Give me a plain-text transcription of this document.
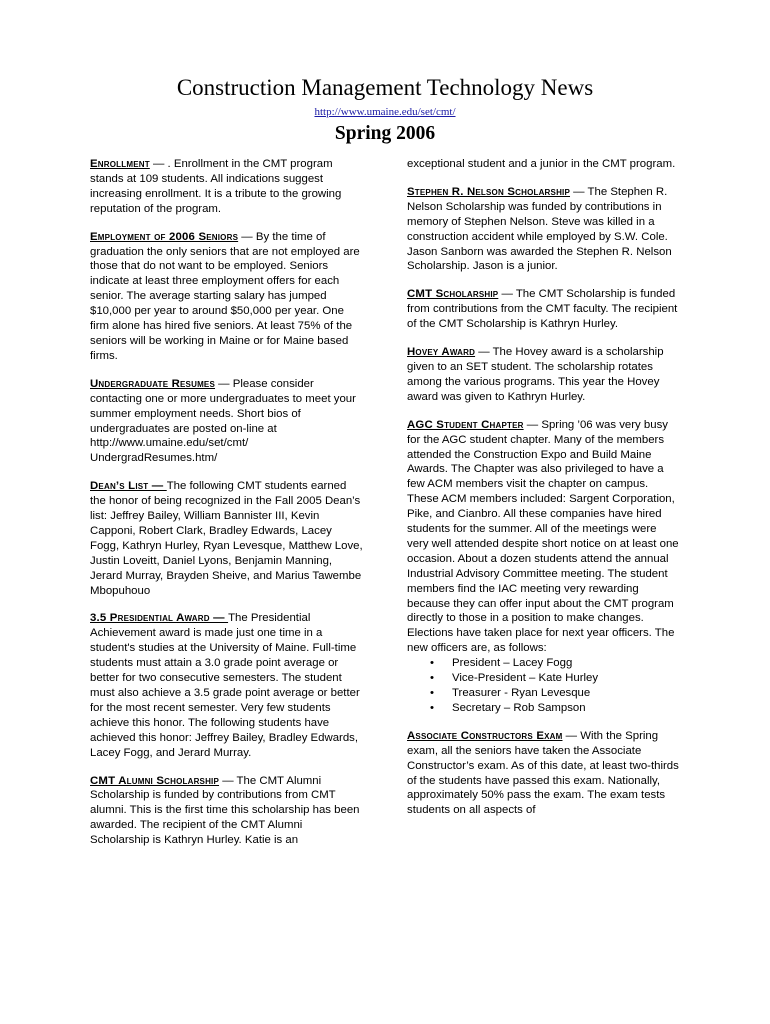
Construction Management Technology News
http://www.umaine.edu/set/cmt/
Spring 2006

Enrollment — . Enrollment in the CMT program stands at 109 students. All indications suggest increasing enrollment. It is a tribute to the growing reputation of the program.

Employment of 2006 Seniors — By the time of graduation the only seniors that are not employed are those that do not want to be employed. Seniors indicate at least three employment offers for each senior. The average starting salary has jumped $10,000 per year to around $50,000 per year. One firm alone has hired five seniors. At least 75% of the seniors will be working in Maine or for Maine based firms.

Undergraduate Resumes — Please consider contacting one or more undergraduates to meet your summer employment needs. Short bios of undergraduates are posted on-line at http://www.umaine.edu/set/cmt/ UndergradResumes.htm/

Dean’s List — The following CMT students earned the honor of being recognized in the Fall 2005 Dean’s list: Jeffrey Bailey, William Bannister III, Kevin Capponi, Robert Clark, Bradley Edwards, Lacey Fogg, Kathryn Hurley, Ryan Levesque, Matthew Love, Justin Loveitt, Daniel Lyons, Benjamin Manning, Jerard Murray, Brayden Sheive, and Marius Tawembe Mbopuhouo

3.5 Presidential Award — The Presidential Achievement award is made just one time in a student's studies at the University of Maine. Full-time students must attain a 3.0 grade point average or better for two consecutive semesters. The student must also achieve a 3.5 grade point average or better for the most recent semester. Very few students achieve this honor. The following students have achieved this honor: Jeffrey Bailey, Bradley Edwards, Lacey Fogg, and Jerard Murray.

CMT Alumni Scholarship — The CMT Alumni Scholarship is funded by contributions from CMT alumni. This is the first time this scholarship has been awarded. The recipient of the CMT Alumni Scholarship is Kathryn Hurley. Katie is an

exceptional student and a junior in the CMT program.

Stephen R. Nelson Scholarship — The Stephen R. Nelson Scholarship was funded by contributions in memory of Stephen Nelson. Steve was killed in a construction accident while employed by S.W. Cole. Jason Sanborn was awarded the Stephen R. Nelson Scholarship. Jason is a junior.

CMT Scholarship — The CMT Scholarship is funded from contributions from the CMT faculty. The recipient of the CMT Scholarship is Kathryn Hurley.

Hovey Award — The Hovey award is a scholarship given to an SET student. The scholarship rotates among the various programs. This year the Hovey award was given to Kathryn Hurley.

AGC Student Chapter — Spring ’06 was very busy for the AGC student chapter. Many of the members attended the Construction Expo and Build Maine Awards. The Chapter was also privileged to have a few ACM members visit the chapter on campus. These ACM members included: Sargent Corporation, Pike, and Cianbro. All these companies have hired students for the summer. All of the meetings were very well attended despite short notice on at least one occasion. About a dozen students attend the annual Industrial Advisory Committee meeting. The student members find the IAC meeting very rewarding because they can offer input about the CMT program directly to those in a position to make changes. Elections have taken place for next year officers. The new officers are, as follows:

• President – Lacey Fogg
• Vice-President – Kate Hurley
• Treasurer - Ryan Levesque
• Secretary – Rob Sampson

Associate Constructors Exam — With the Spring exam, all the seniors have taken the Associate Constructor’s exam. As of this date, at least two-thirds of the students have passed this exam. Nationally, approximately 50% pass the exam. The exam tests students on all aspects of
